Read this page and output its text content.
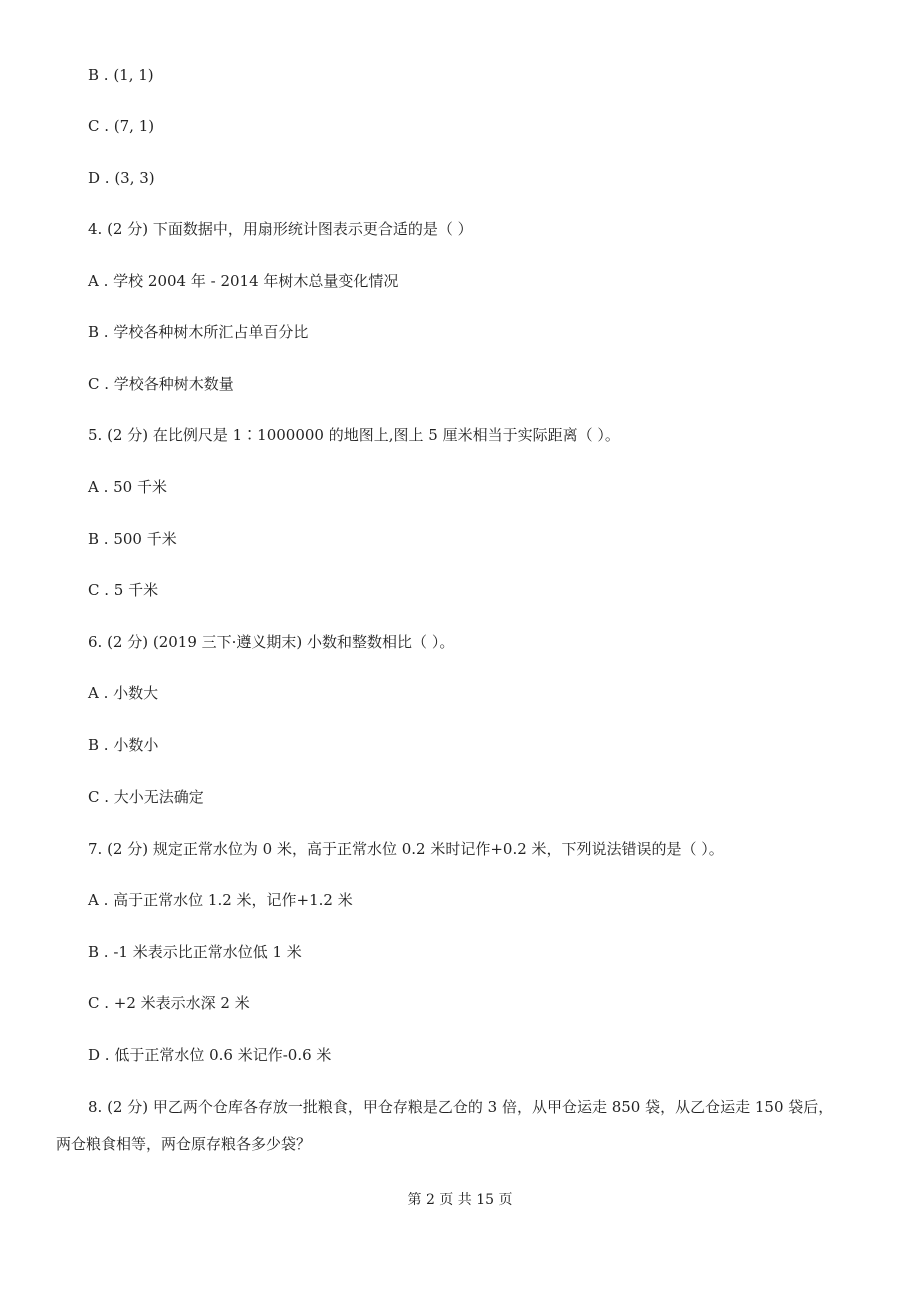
B . (1, 1)
C . (7, 1)
D . (3, 3)
4. (2 分) 下面数据中，用扇形统计图表示更合适的是（ ）
A . 学校 2004 年 - 2014 年树木总量变化情况
B . 学校各种树木所汇占单百分比
C . 学校各种树木数量
5. (2 分) 在比例尺是 1∶1000000 的地图上,图上 5 厘米相当于实际距离（ ）。
A . 50 千米
B . 500 千米
C . 5 千米
6. (2 分) (2019 三下·遵义期末) 小数和整数相比（ ）。
A . 小数大
B . 小数小
C . 大小无法确定
7. (2 分) 规定正常水位为 0 米，高于正常水位 0.2 米时记作+0.2 米，下列说法错误的是（ ）。
A . 高于正常水位 1.2 米，记作+1.2 米
B . -1 米表示比正常水位低 1 米
C . +2 米表示水深 2 米
D . 低于正常水位 0.6 米记作-0.6 米
8. (2 分) 甲乙两个仓库各存放一批粮食，甲仓存粮是乙仓的 3 倍，从甲仓运走 850 袋，从乙仓运走 150 袋后，
两仓粮食相等，两仓原存粮各多少袋？
第 2 页 共 15 页
